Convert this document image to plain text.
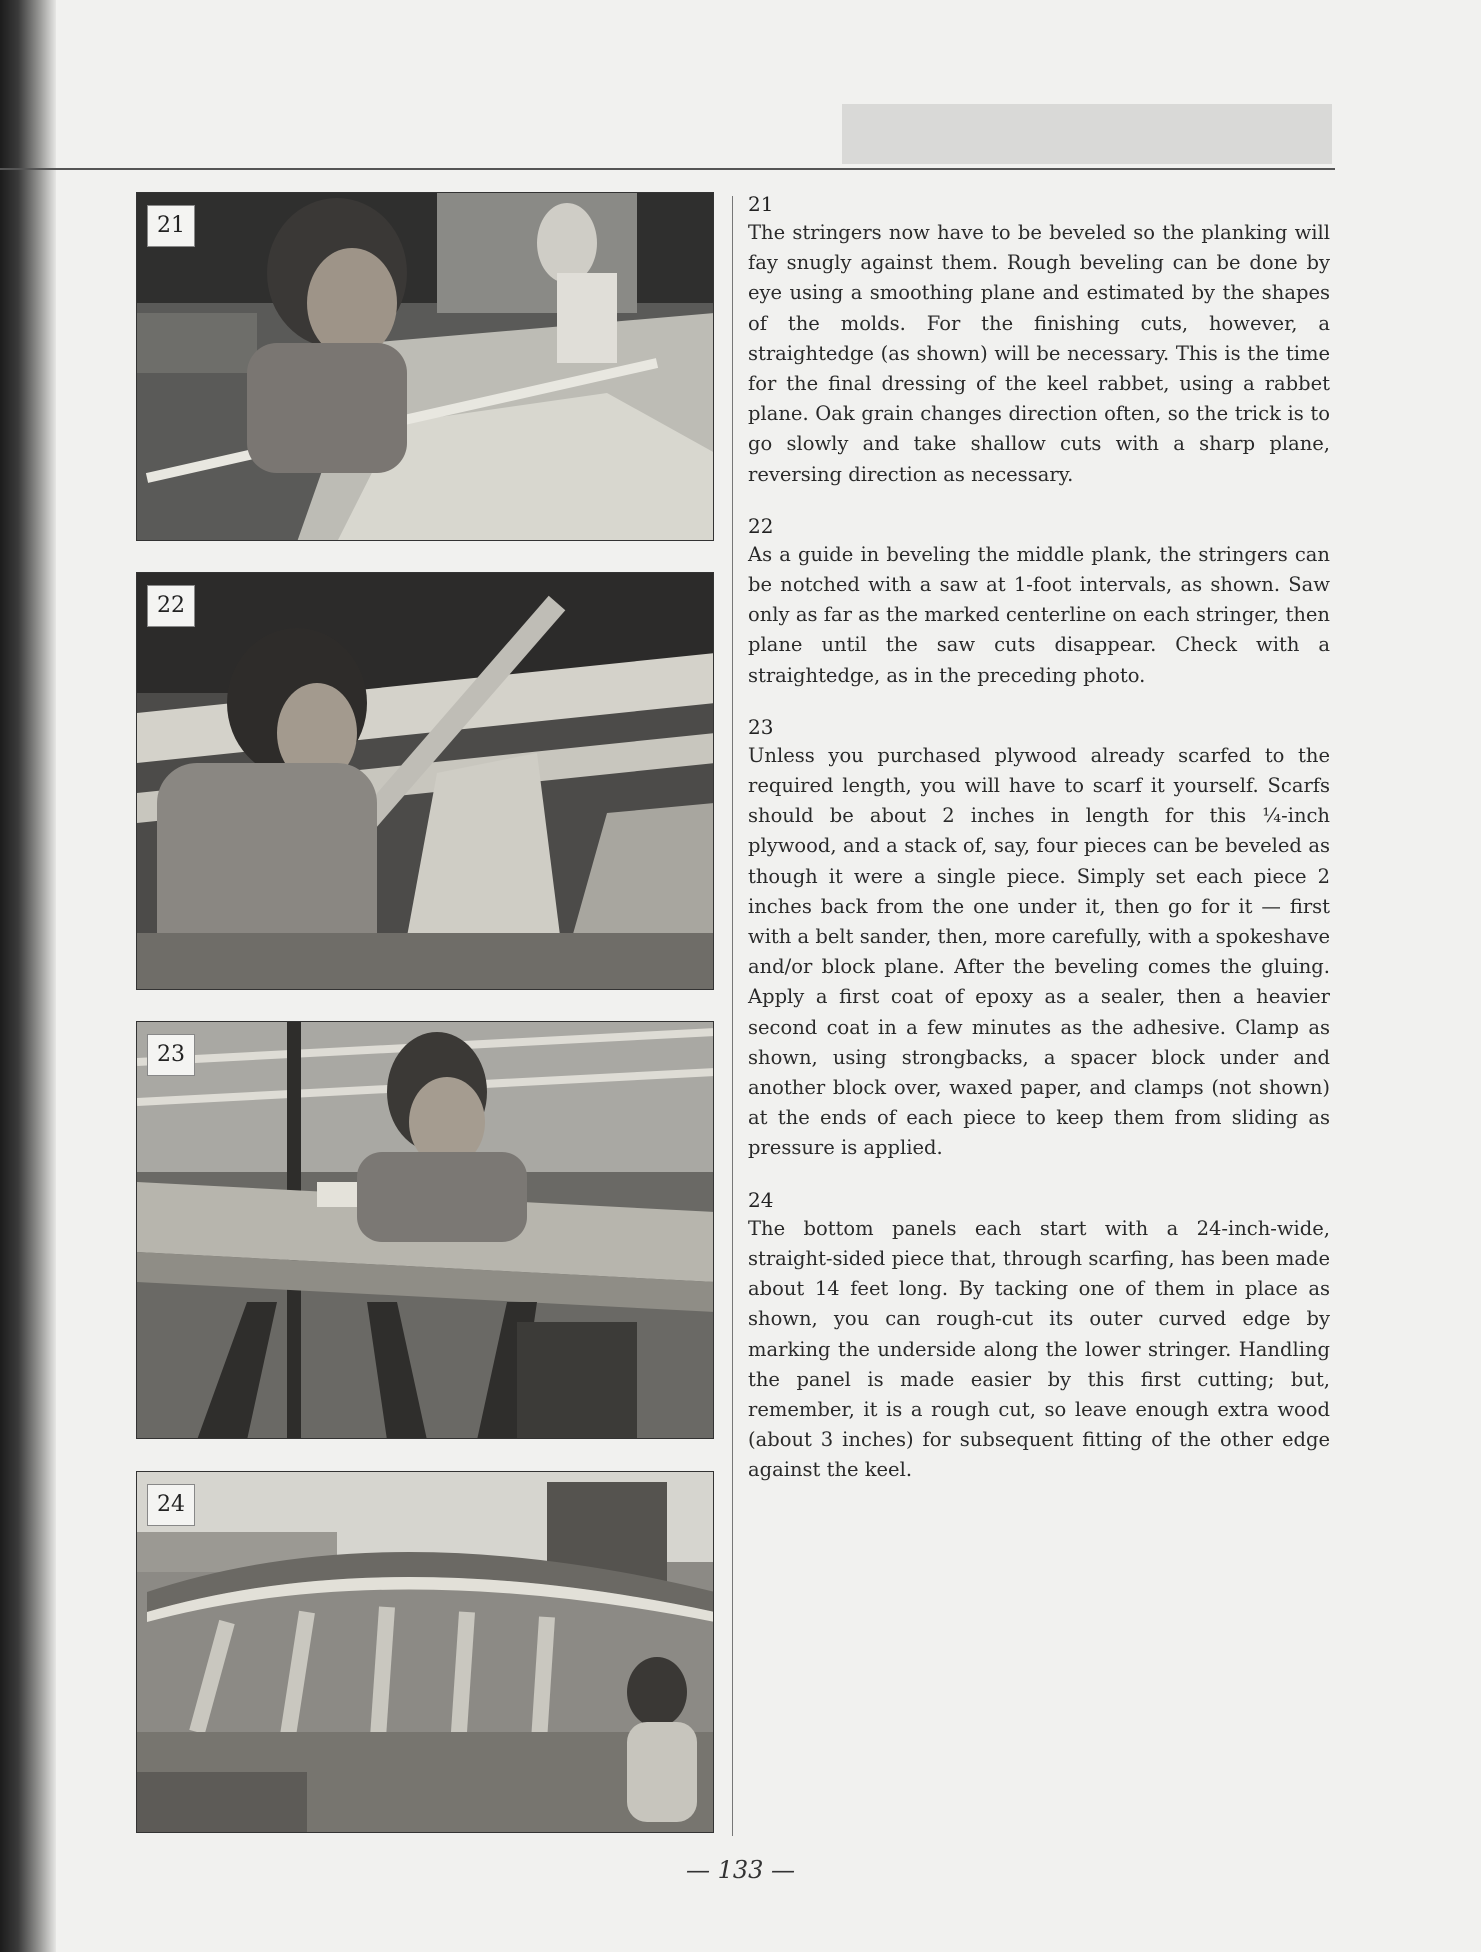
21
22
23
24
21

The stringers now have to be beveled so the planking will fay snugly against them. Rough beveling can be done by eye using a smoothing plane and estimated by the shapes of the molds. For the finishing cuts, however, a straightedge (as shown) will be necessary. This is the time for the final dressing of the keel rabbet, using a rabbet plane. Oak grain changes direction often, so the trick is to go slowly and take shallow cuts with a sharp plane, reversing direction as necessary.

22

As a guide in beveling the middle plank, the stringers can be notched with a saw at 1-foot intervals, as shown. Saw only as far as the marked centerline on each stringer, then plane until the saw cuts disappear. Check with a straightedge, as in the preceding photo.

23

Unless you purchased plywood already scarfed to the required length, you will have to scarf it yourself. Scarfs should be about 2 inches in length for this ¼-inch plywood, and a stack of, say, four pieces can be beveled as though it were a single piece. Simply set each piece 2 inches back from the one under it, then go for it — first with a belt sander, then, more carefully, with a spokeshave and/or block plane. After the beveling comes the gluing. Apply a first coat of epoxy as a sealer, then a heavier second coat in a few minutes as the adhesive. Clamp as shown, using strongbacks, a spacer block under and another block over, waxed paper, and clamps (not shown) at the ends of each piece to keep them from sliding as pressure is applied.

24

The bottom panels each start with a 24-inch-wide, straight-sided piece that, through scarfing, has been made about 14 feet long. By tacking one of them in place as shown, you can rough-cut its outer curved edge by marking the underside along the lower stringer. Handling the panel is made easier by this first cutting; but, remember, it is a rough cut, so leave enough extra wood (about 3 inches) for subsequent fitting of the other edge against the keel.

— 133 —
